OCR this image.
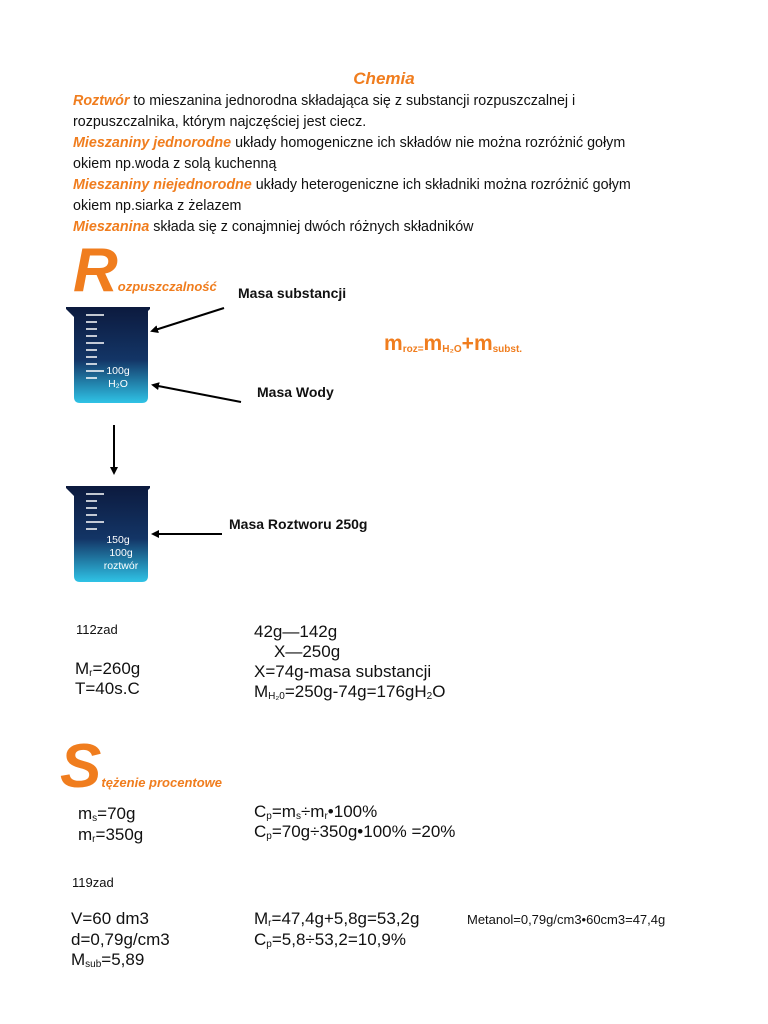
Chemia
Roztwór to mieszanina jednorodna składająca się z substancji rozpuszczalnej i
rozpuszczalnika, którym najczęściej jest ciecz.
Mieszaniny jednorodne układy homogeniczne ich składów nie można rozróżnić gołym
okiem np.woda z solą kuchenną
Mieszaniny niejednorodne układy heterogeniczne ich składniki można rozróżnić gołym
okiem np.siarka z żelazem
Mieszanina składa się z conajmniej dwóch różnych składników
Rozpuszczalność
100g
H₂O
150g
100g
roztwór
Masa substancji
Masa Wody
Masa Roztworu 250g
$m_{roz=}m_{H_2O}+m_{subst.}$
112zad
$M_r=260g$
T=40s.C
42g—142g
X—250g
X=74g-masa substancji
$M_{H_20}=250g-74g=176gH_2O$
Stężenie procentowe
$m_s=70g$
$m_r=350g$
$C_p=m_s\div m_r•100\%$
$C_p=70g\div 350g•100\% =20\%$
119zad
V=60 dm3
d=0,79g/cm3
$M_{sub}=5,89$
$M_r=47,4g+5,8g=53,2g$
$C_p=5,8\div 53,2=10,9\%$
Metanol=0,79g/cm3•60cm3=47,4g
